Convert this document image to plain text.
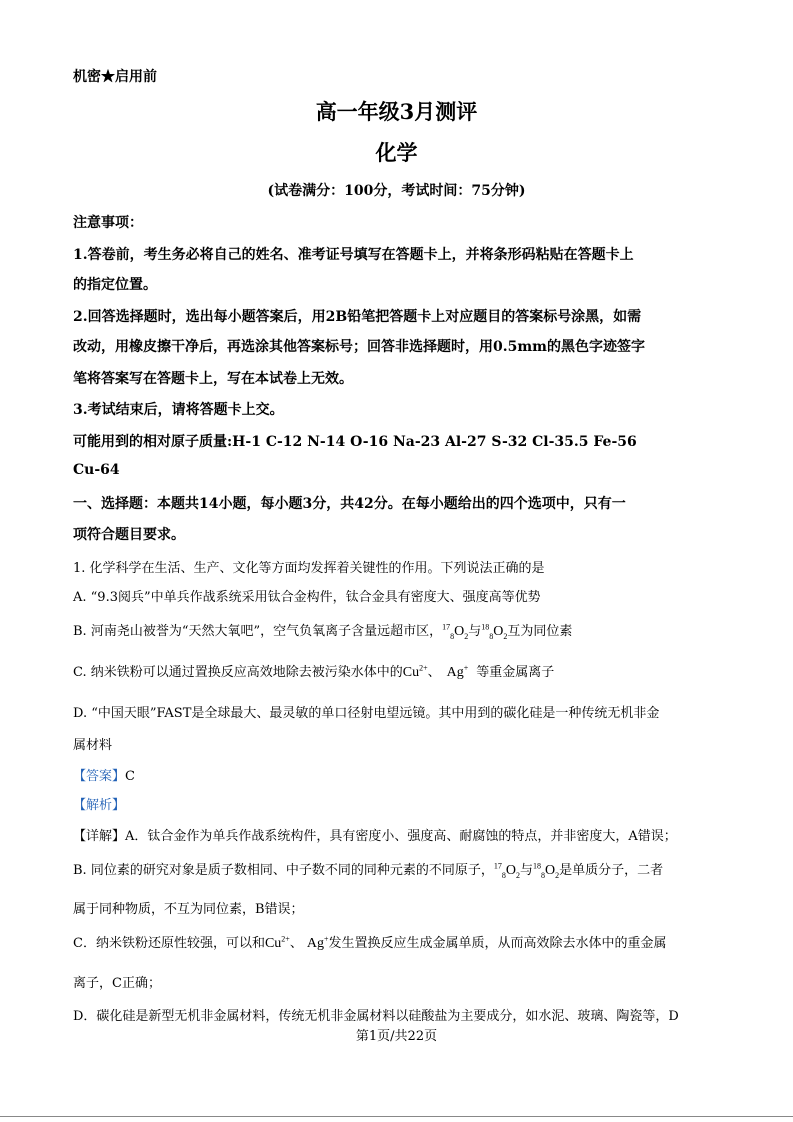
机密★启用前
高一年级3月测评
化学
(试卷满分：100分，考试时间：75分钟)
注意事项：
1.答卷前，考生务必将自己的姓名、准考证号填写在答题卡上，并将条形码粘贴在答题卡上
的指定位置。
2.回答选择题时，选出每小题答案后，用2B铅笔把答题卡上对应题目的答案标号涂黑，如需
改动，用橡皮擦干净后，再选涂其他答案标号；回答非选择题时，用0.5mm的黑色字迹签字
笔将答案写在答题卡上，写在本试卷上无效。
3.考试结束后，请将答题卡上交。
可能用到的相对原子质量:H-1 C-12 N-14 O-16 Na-23 Al-27 S-32 Cl-35.5 Fe-56
Cu-64
一、选择题：本题共14小题，每小题3分，共42分。在每小题给出的四个选项中，只有一
项符合题目要求。
1. 化学科学在生活、生产、文化等方面均发挥着关键性的作用。下列说法正确的是
A. “9.3阅兵”中单兵作战系统采用钛合金构件，钛合金具有密度大、强度高等优势
B. 河南尧山被誉为“天然大氧吧”，空气负氧离子含量远超市区，$^{17}_8O_2$与$^{18}_8O_2$互为同位素
C. 纳米铁粉可以通过置换反应高效地除去被污染水体中的$Cu^{2+}$、 Ag+ 等重金属离子
D. “中国天眼”FAST是全球最大、最灵敏的单口径射电望远镜。其中用到的碳化硅是一种传统无机非金
属材料
【答案】C
【解析】
【详解】A．钛合金作为单兵作战系统构件，具有密度小、强度高、耐腐蚀的特点，并非密度大，A错误；
B. 同位素的研究对象是质子数相同、中子数不同的同种元素的不同原子，$^{17}_8O_2$与$^{18}_8O_2$是单质分子，二者
属于同种物质，不互为同位素，B错误；
C．纳米铁粉还原性较强，可以和$Cu^{2+}$、 Ag+发生置换反应生成金属单质，从而高效除去水体中的重金属
离子，C正确；
D．碳化硅是新型无机非金属材料，传统无机非金属材料以硅酸盐为主要成分，如水泥、玻璃、陶瓷等，D
第1页/共22页
